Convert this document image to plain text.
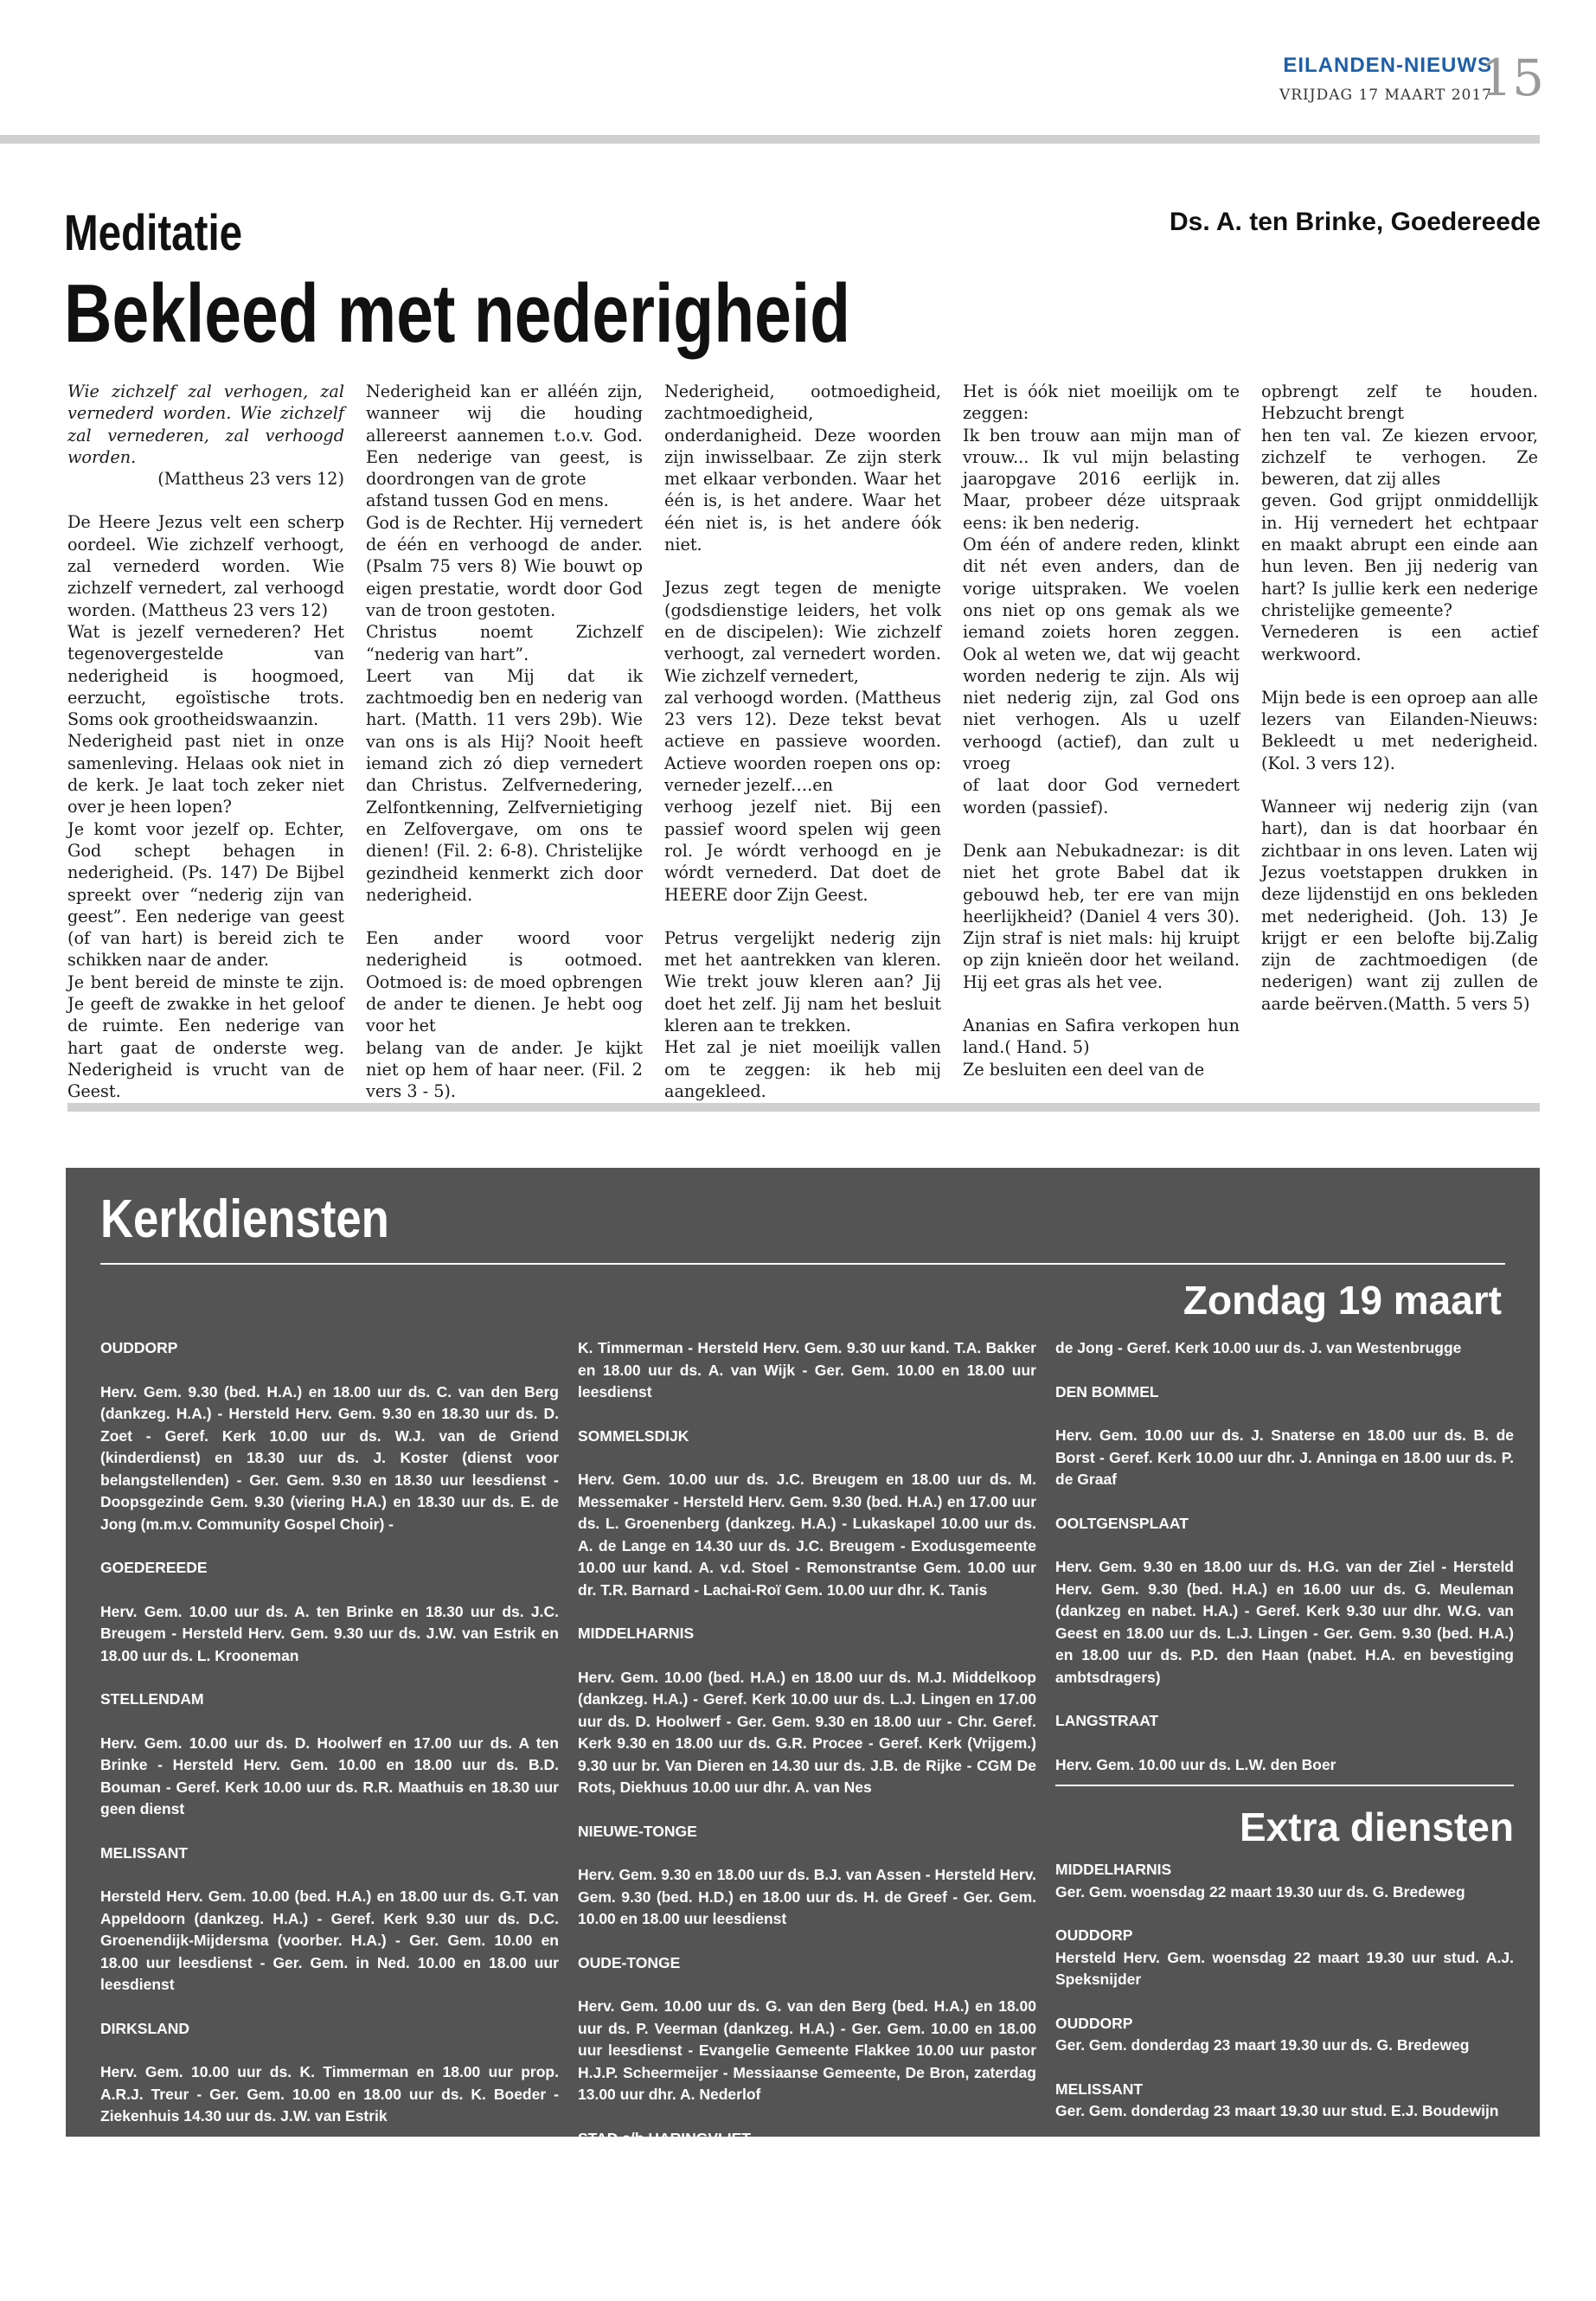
EILANDEN-NIEUWS
VRIJDAG 17 MAART 2017
15
Meditatie	Ds. A. ten Brinke, Goedereede
Bekleed met nederigheid

Wie zichzelf zal verhogen, zal vernederd worden. Wie zichzelf zal vernederen, zal verhoogd worden.

(Mattheus 23 vers 12)

De Heere Jezus velt een scherp oordeel. Wie zichzelf verhoogt, zal vernederd worden. Wie zichzelf vernedert, zal verhoogd worden. (Mattheus 23 vers 12)

Wat is jezelf vernederen? Het tegenovergestelde van nederigheid is hoogmoed, eerzucht, egoïstische trots. Soms ook grootheidswaanzin.

Nederigheid past niet in onze samenleving. Helaas ook niet in de kerk. Je laat toch zeker niet over je heen lopen?

Je komt voor jezelf op. Echter, God schept behagen in nederigheid. (Ps. 147) De Bijbel spreekt over “nederig zijn van geest”. Een nederige van geest (of van hart) is bereid zich te schikken naar de ander.

Je bent bereid de minste te zijn. Je geeft de zwakke in het geloof de ruimte. Een nederige van hart gaat de onderste weg. Nederigheid is vrucht van de Geest.

Nederigheid kan er alléén zijn, wanneer wij die houding allereerst aannemen t.o.v. God. Een nederige van geest, is doordrongen van de grote

afstand tussen God en mens.

God is de Rechter. Hij vernedert de één en verhoogd de ander. (Psalm 75 vers 8) Wie bouwt op eigen prestatie, wordt door God van de troon gestoten.

Christus noemt Zichzelf “nederig van hart”.

Leert van Mij dat ik zachtmoedig ben en nederig van hart. (Matth. 11 vers 29b). Wie van ons is als Hij? Nooit heeft iemand zich zó diep vernedert dan Christus. Zelfvernedering, Zelfontkenning, Zelfvernietiging en Zelfovergave, om ons te dienen! (Fil. 2: 6-8). Christelijke gezindheid kenmerkt zich door nederigheid.

Een ander woord voor nederigheid is ootmoed. Ootmoed is: de moed opbrengen de ander te dienen. Je hebt oog voor het

belang van de ander. Je kijkt niet op hem of haar neer. (Fil. 2 vers 3 - 5).

Nederigheid, ootmoedigheid, zachtmoedigheid, onderdanigheid. Deze woorden zijn inwisselbaar. Ze zijn sterk met elkaar verbonden. Waar het één is, is het andere. Waar het één niet is, is het andere óók niet.

Jezus zegt tegen de menigte (godsdienstige leiders, het volk en de discipelen): Wie zichzelf verhoogt, zal vernedert worden. Wie zichzelf vernedert,

zal verhoogd worden. (Mattheus 23 vers 12). Deze tekst bevat actieve en passieve woorden. Actieve woorden roepen ons op: verneder jezelf….en

verhoog jezelf niet. Bij een passief woord spelen wij geen rol. Je wórdt verhoogd en je wórdt vernederd. Dat doet de HEERE door Zijn Geest.

Petrus vergelijkt nederig zijn met het aantrekken van kleren. Wie trekt jouw kleren aan? Jij doet het zelf. Jij nam het besluit kleren aan te trekken.

Het zal je niet moeilijk vallen om te zeggen: ik heb mij aangekleed.

Het is óók niet moeilijk om te zeggen:

Ik ben trouw aan mijn man of vrouw... Ik vul mijn belasting jaaropgave 2016 eerlijk in. Maar, probeer déze uitspraak eens: ik ben nederig.

Om één of andere reden, klinkt dit nét even anders, dan de vorige uitspraken. We voelen ons niet op ons gemak als we iemand zoiets horen zeggen. Ook al weten we, dat wij geacht worden nederig te zijn. Als wij niet nederig zijn, zal God ons niet verhogen. Als u uzelf verhoogd (actief), dan zult u vroeg

of laat door God vernedert worden (passief).

Denk aan Nebukadnezar: is dit niet het grote Babel dat ik gebouwd heb, ter ere van mijn heerlijkheid? (Daniel 4 vers 30). Zijn straf is niet mals: hij kruipt op zijn knieën door het weiland. Hij eet gras als het vee.

Ananias en Safira verkopen hun land.( Hand. 5)

Ze besluiten een deel van de

opbrengt zelf te houden. Hebzucht brengt

hen ten val. Ze kiezen ervoor, zichzelf te verhogen. Ze beweren, dat zij alles

geven. God grijpt onmiddellijk in. Hij vernedert het echtpaar en maakt abrupt een einde aan hun leven. Ben jij nederig van hart? Is jullie kerk een nederige christelijke gemeente?

Vernederen is een actief werkwoord.

Mijn bede is een oproep aan alle lezers van Eilanden-Nieuws: Bekleedt u met nederigheid. (Kol. 3 vers 12).

Wanneer wij nederig zijn (van hart), dan is dat hoorbaar én zichtbaar in ons leven. Laten wij Jezus voetstappen drukken in deze lijdenstijd en ons bekleden met nederigheid. (Joh. 13) Je krijgt er een belofte bij.Zalig zijn de zachtmoedigen (de nederigen) want zij zullen de aarde beërven.(Matth. 5 vers 5)

Kerkdiensten
Zondag 19 maart
OUDDORP
Herv. Gem. 9.30 (bed. H.A.) en 18.00 uur ds. C. van den Berg (dankzeg. H.A.) - Hersteld Herv. Gem. 9.30 en 18.30 uur ds. D. Zoet - Geref. Kerk 10.00 uur ds. W.J. van de Griend (kinderdienst) en 18.30 uur ds. J. Koster (dienst voor belangstellenden) - Ger. Gem. 9.30 en 18.30 uur leesdienst - Doopsgezinde Gem. 9.30 (viering H.A.) en 18.30 uur ds. E. de Jong (m.m.v. Community Gospel Choir) -
GOEDEREEDE
Herv. Gem. 10.00 uur ds. A. ten Brinke en 18.30 uur ds. J.C. Breugem - Hersteld Herv. Gem. 9.30 uur ds. J.W. van Estrik en 18.00 uur ds. L. Krooneman
STELLENDAM
Herv. Gem. 10.00 uur ds. D. Hoolwerf en 17.00 uur ds. A ten Brinke - Hersteld Herv. Gem. 10.00 en 18.00 uur ds. B.D. Bouman - Geref. Kerk 10.00 uur ds. R.R. Maathuis en 18.30 uur geen dienst
MELISSANT
Hersteld Herv. Gem. 10.00 (bed. H.A.) en 18.00 uur ds. G.T. van Appeldoorn (dankzeg. H.A.) - Geref. Kerk 9.30 uur ds. D.C. Groenendijk-Mijdersma (voorber. H.A.) - Ger. Gem. 10.00 en 18.00 uur leesdienst - Ger. Gem. in Ned. 10.00 en 18.00 uur leesdienst
DIRKSLAND
Herv. Gem. 10.00 uur ds. K. Timmerman en 18.00 uur prop. A.R.J. Treur - Ger. Gem. 10.00 en 18.00 uur ds. K. Boeder - Ziekenhuis 14.30 uur ds. J.W. van Estrik
HERKINGEN
Herv. Gem. 10.00 uur ds. P. van der Kraan en 18.00 uur ds.
K. Timmerman - Hersteld Herv. Gem. 9.30 uur kand. T.A. Bakker en 18.00 uur ds. A. van Wijk - Ger. Gem. 10.00 en 18.00 uur leesdienst
SOMMELSDIJK
Herv. Gem. 10.00 uur ds. J.C. Breugem en 18.00 uur ds. M. Messemaker - Hersteld Herv. Gem. 9.30 (bed. H.A.) en 17.00 uur ds. L. Groenenberg (dankzeg. H.A.) - Lukaskapel 10.00 uur ds. A. de Lange en 14.30 uur ds. J.C. Breugem - Exodusgemeente 10.00 uur kand. A. v.d. Stoel - Remonstrantse Gem. 10.00 uur dr. T.R. Barnard - Lachai-Roï Gem. 10.00 uur dhr. K. Tanis
MIDDELHARNIS
Herv. Gem. 10.00 (bed. H.A.) en 18.00 uur ds. M.J. Middelkoop (dankzeg. H.A.) - Geref. Kerk 10.00 uur ds. L.J. Lingen en 17.00 uur ds. D. Hoolwerf - Ger. Gem. 9.30 en 18.00 uur - Chr. Geref. Kerk 9.30 en 18.00 uur ds. G.R. Procee - Geref. Kerk (Vrijgem.) 9.30 uur br. Van Dieren en 14.30 uur ds. J.B. de Rijke - CGM De Rots, Diekhuus 10.00 uur dhr. A. van Nes
NIEUWE-TONGE
Herv. Gem. 9.30 en 18.00 uur ds. B.J. van Assen - Hersteld Herv. Gem. 9.30 (bed. H.D.) en 18.00 uur ds. H. de Greef - Ger. Gem. 10.00 en 18.00 uur leesdienst
OUDE-TONGE
Herv. Gem. 10.00 uur ds. G. van den Berg (bed. H.A.) en 18.00 uur ds. P. Veerman (dankzeg. H.A.) - Ger. Gem. 10.00 en 18.00 uur leesdienst - Evangelie Gemeente Flakkee 10.00 uur pastor H.J.P. Scheermeijer - Messiaanse Gemeente, De Bron, zaterdag 13.00 uur dhr. A. Nederlof
STAD a/h HARINGVLIET
Herv. Gem. 10.00 uur ds. R.A. Grisnigt en 18.00 uur ds. G.C.
de Jong - Geref. Kerk 10.00 uur ds. J. van Westenbrugge
DEN BOMMEL
Herv. Gem. 10.00 uur ds. J. Snaterse en 18.00 uur ds. B. de Borst - Geref. Kerk 10.00 uur dhr. J. Anninga en 18.00 uur ds. P. de Graaf
OOLTGENSPLAAT
Herv. Gem. 9.30 en 18.00 uur ds. H.G. van der Ziel - Hersteld Herv. Gem. 9.30 (bed. H.A.) en 16.00 uur ds. G. Meuleman (dankzeg en nabet. H.A.) - Geref. Kerk 9.30 uur dhr. W.G. van Geest en 18.00 uur ds. L.J. Lingen - Ger. Gem. 9.30 (bed. H.A.) en 18.00 uur ds. P.D. den Haan (nabet. H.A. en bevestiging ambtsdragers)
LANGSTRAAT
Herv. Gem. 10.00 uur ds. L.W. den Boer
Extra diensten
MIDDELHARNIS
Ger. Gem. woensdag 22 maart 19.30 uur ds. G. Bredeweg
OUDDORP
Hersteld Herv. Gem. woensdag 22 maart 19.30 uur stud. A.J. Speksnijder
OUDDORP
Ger. Gem. donderdag 23 maart 19.30 uur ds. G. Bredeweg
MELISSANT
Ger. Gem. donderdag 23 maart 19.30 uur stud. E.J. Boudewijn
